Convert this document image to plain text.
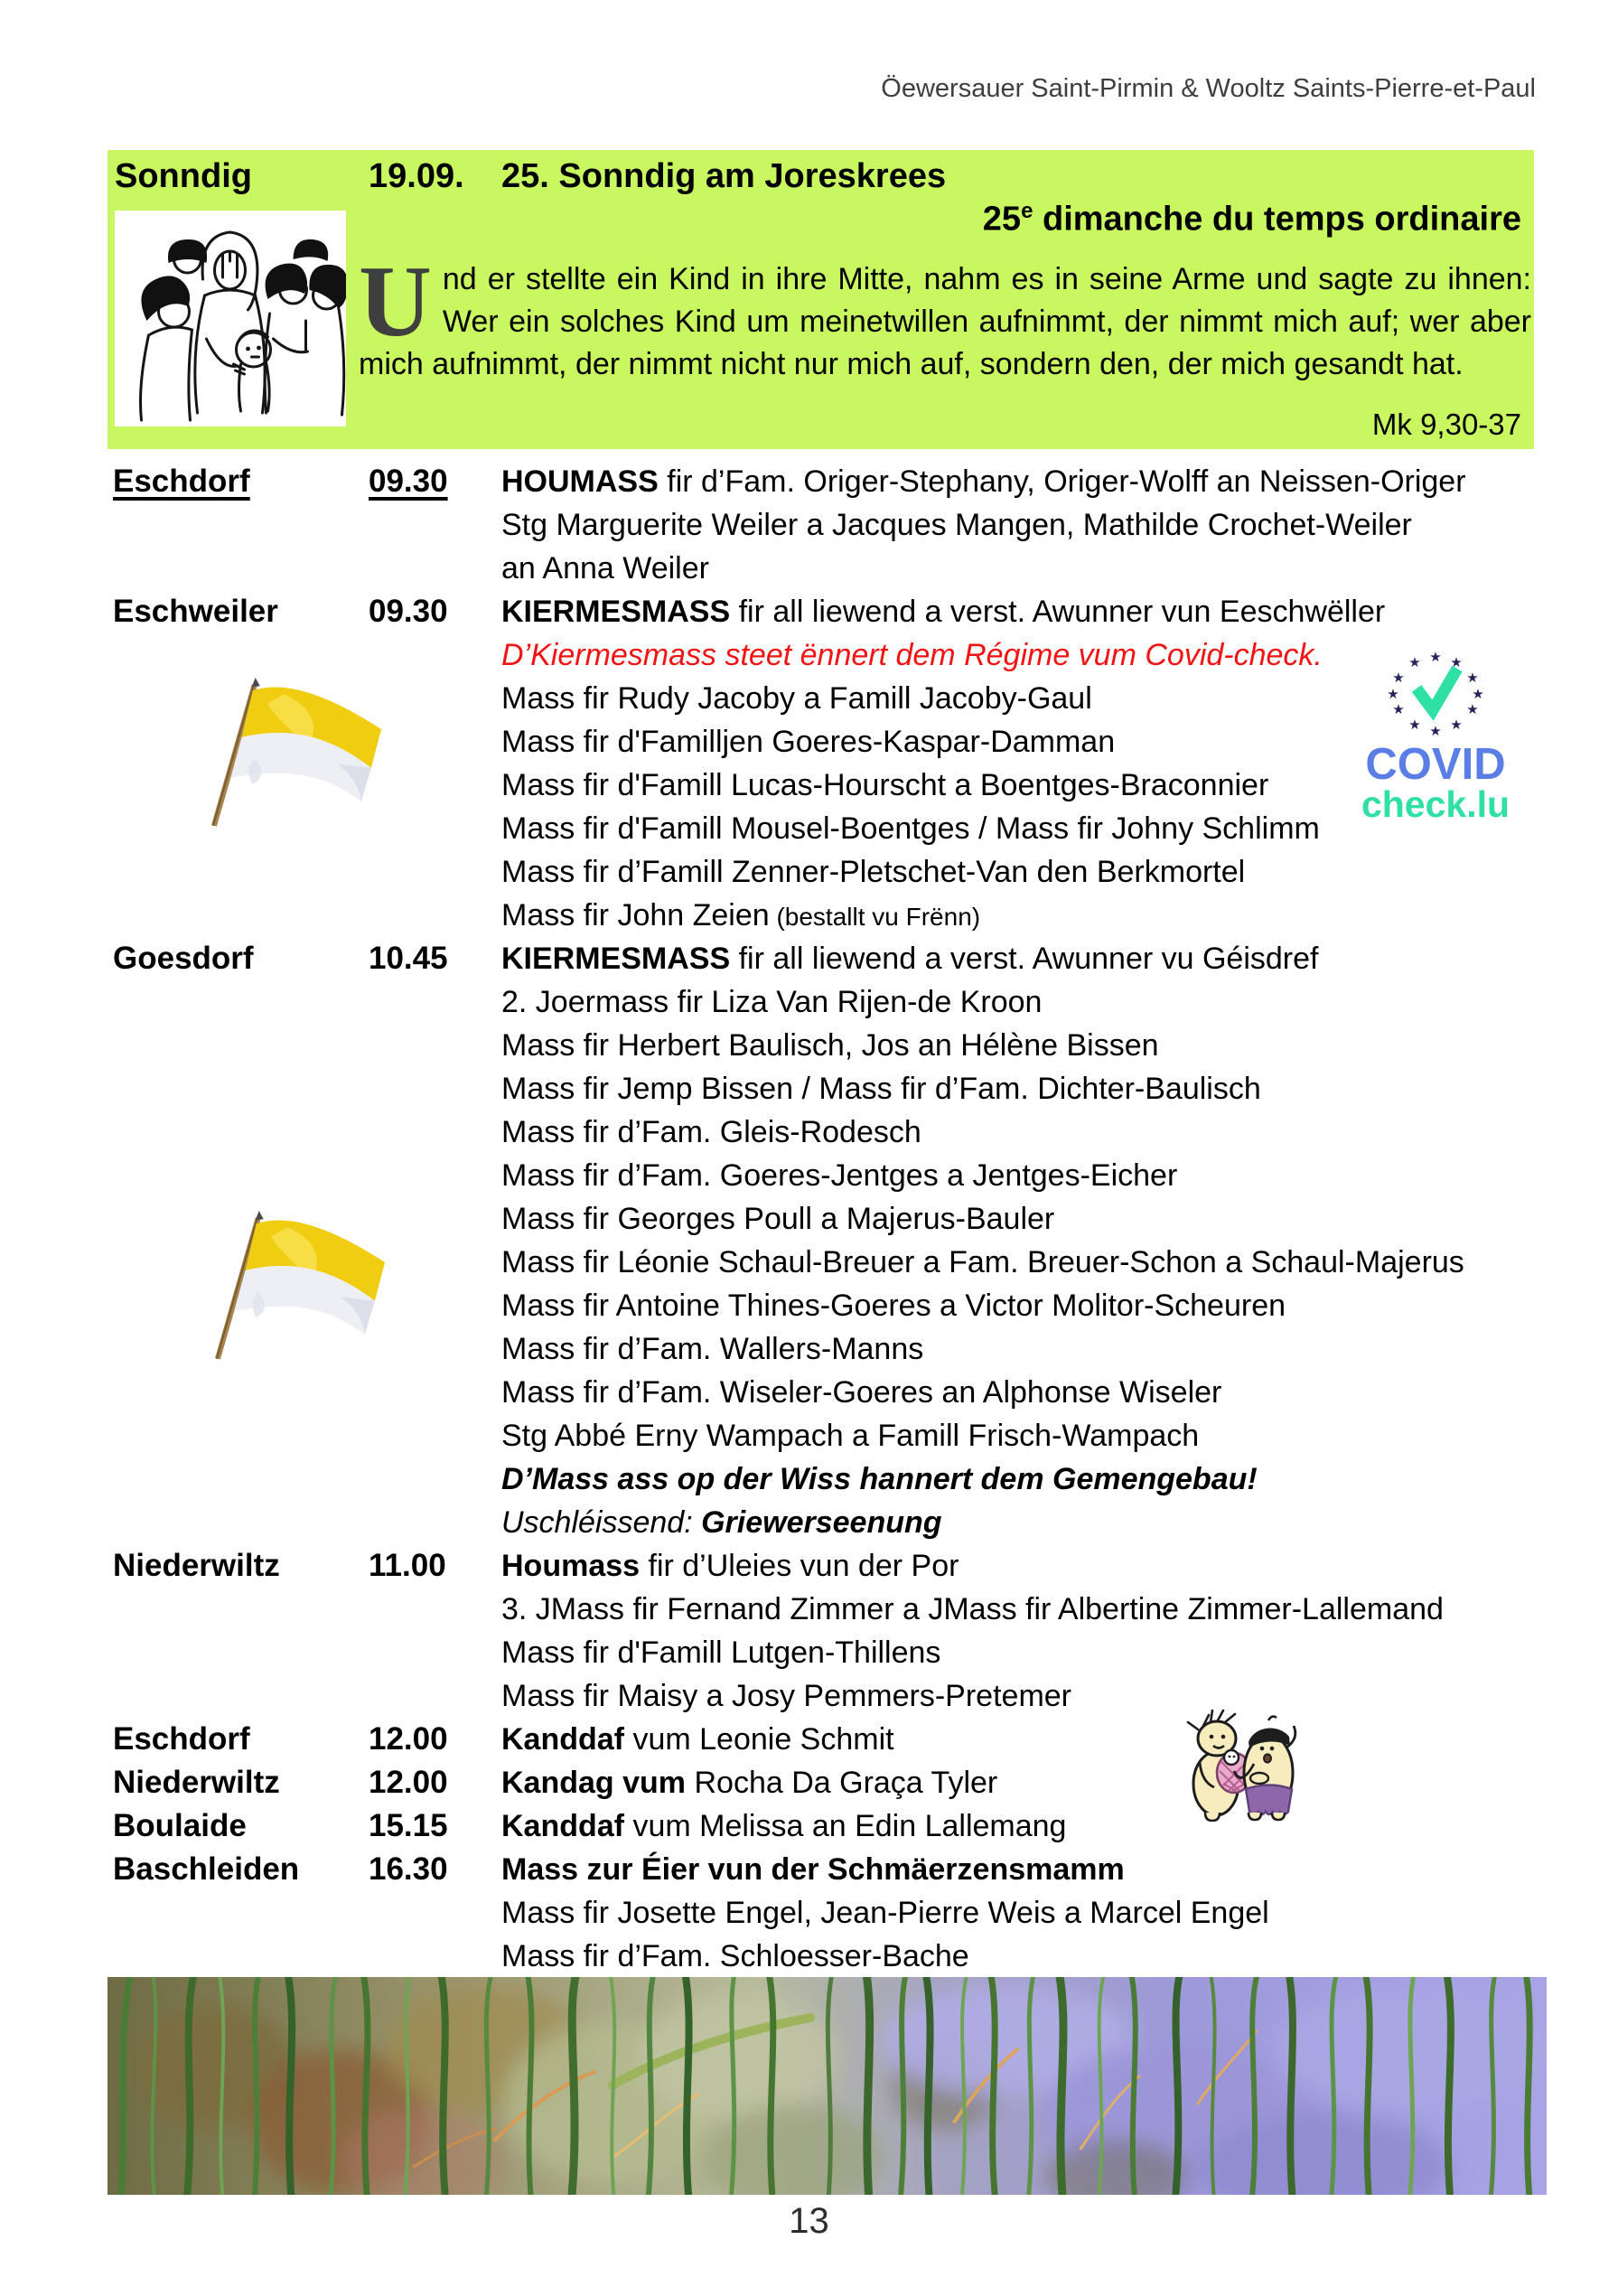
Öewersauer Saint-Pirmin & Wooltz Saints-Pierre-et-Paul
Sonndig	19.09. 25. Sonndig am Joreskrees
25e dimanche du temps ordinaire
Und er stellte ein Kind in ihre Mitte, nahm es in seine Arme und sagte zu ihnen: Wer ein solches Kind um meinetwillen aufnimmt, der nimmt mich auf; wer aber mich aufnimmt, der nimmt nicht nur mich auf, sondern den, der mich gesandt hat.
Mk 9,30-37
Eschdorf	09.30	HOUMASS fir d’Fam. Origer-Stephany, Origer-Wolff an Neissen-Origer
Stg Marguerite Weiler a Jacques Mangen, Mathilde Crochet-Weiler
an Anna Weiler
Eschweiler	09.30	KIERMESMASS fir all liewend a verst. Awunner vun Eeschwëller
D’Kiermesmass steet ënnert dem Régime vum Covid-check.
Mass fir Rudy Jacoby a Famill Jacoby-Gaul
Mass fir d'Familljen Goeres-Kaspar-Damman
Mass fir d'Famill Lucas-Hourscht a Boentges-Braconnier
Mass fir d'Famill Mousel-Boentges / Mass fir Johny Schlimm
Mass fir d’Famill Zenner-Pletschet-Van den Berkmortel
Mass fir John Zeien (bestallt vu Frënn)
Goesdorf	10.45	KIERMESMASS fir all liewend a verst. Awunner vu Géisdref
2. Joermass fir Liza Van Rijen-de Kroon
Mass fir Herbert Baulisch, Jos an Hélène Bissen
Mass fir Jemp Bissen / Mass fir d’Fam. Dichter-Baulisch
Mass fir d’Fam. Gleis-Rodesch
Mass fir d’Fam. Goeres-Jentges a Jentges-Eicher
Mass fir Georges Poull a Majerus-Bauler
Mass fir Léonie Schaul-Breuer a Fam. Breuer-Schon a Schaul-Majerus
Mass fir Antoine Thines-Goeres a Victor Molitor-Scheuren
Mass fir d’Fam. Wallers-Manns
Mass fir d’Fam. Wiseler-Goeres an Alphonse Wiseler
Stg Abbé Erny Wampach a Famill Frisch-Wampach
D’Mass ass op der Wiss hannert dem Gemengebau!
Uschléissend: Griewerseenung
Niederwiltz	11.00	Houmass fir d’Uleies vun der Por
3. JMass fir Fernand Zimmer a JMass fir Albertine Zimmer-Lallemand
Mass fir d'Famill Lutgen-Thillens
Mass fir Maisy a Josy Pemmers-Pretemer
Eschdorf	12.00	Kanddaf vum Leonie Schmit
Niederwiltz	12.00	Kandag vum Rocha Da Graça Tyler
Boulaide	15.15	Kanddaf vum Melissa an Edin Lallemang
Baschleiden	16.30	Mass zur Éier vun der Schmäerzensmamm
Mass fir Josette Engel, Jean-Pierre Weis a Marcel Engel
Mass fir d’Fam. Schloesser-Bache
★ ★
★
★
★
★
★
★
★
★
★
★
COVID
check.lu
13
